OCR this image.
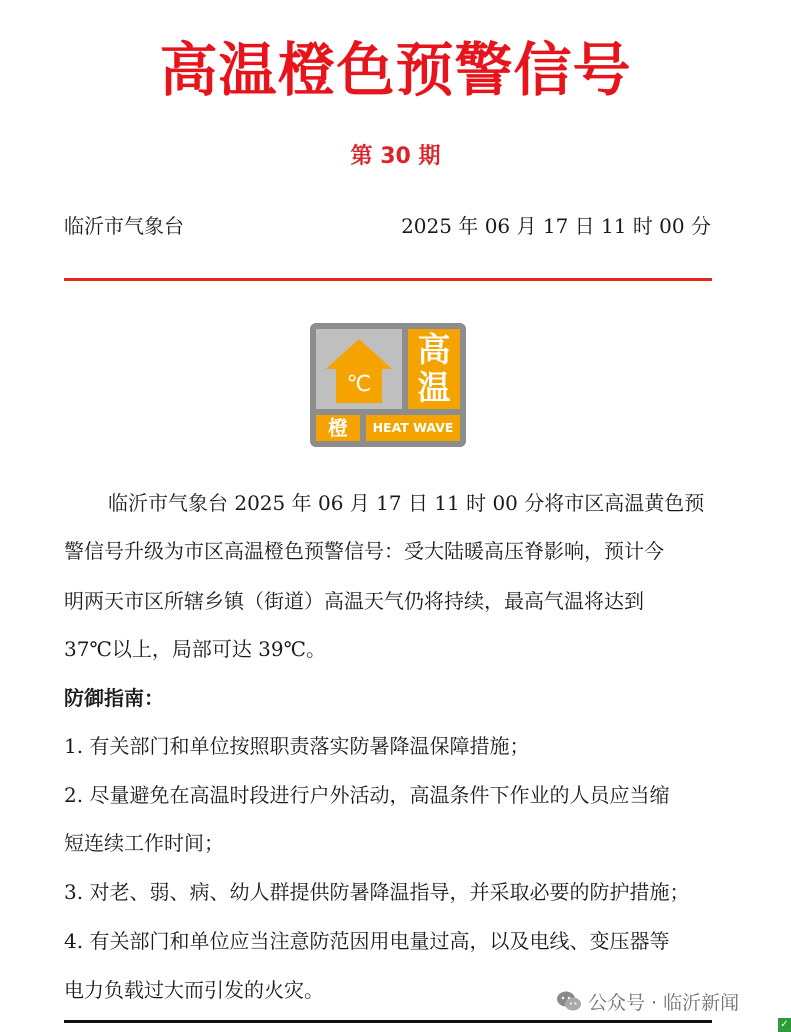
高温橙色预警信号
第 30 期
临沂市气象台	2025 年 06 月 17 日 11 时 00 分
℃
高
温
橙	HEAT WAVE
临沂市气象台 2025 年 06 月 17 日 11 时 00 分将市区高温黄色预
警信号升级为市区高温橙色预警信号：受大陆暖高压脊影响，预计今
明两天市区所辖乡镇（街道）高温天气仍将持续，最高气温将达到
37℃以上，局部可达 39℃。
防御指南：
1. 有关部门和单位按照职责落实防暑降温保障措施；
2. 尽量避免在高温时段进行户外活动，高温条件下作业的人员应当缩
短连续工作时间；
3. 对老、弱、病、幼人群提供防暑降温指导，并采取必要的防护措施；
4. 有关部门和单位应当注意防范因用电量过高，以及电线、变压器等
电力负载过大而引发的火灾。
公众号 · 临沂新闻
✓
